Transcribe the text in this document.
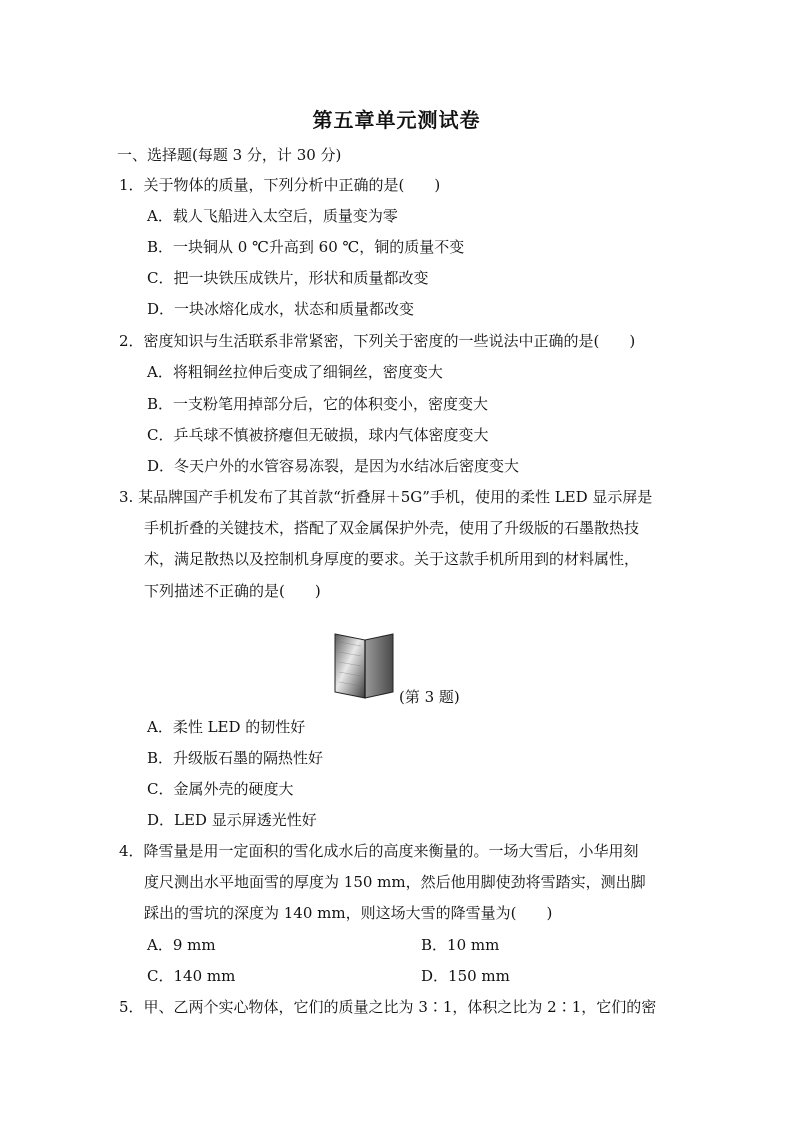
第五章单元测试卷
一、选择题(每题 3 分，计 30 分)
1．关于物体的质量，下列分析中正确的是(　　)
A．载人飞船进入太空后，质量变为零
B．一块铜从 0 ℃升高到 60 ℃，铜的质量不变
C．把一块铁压成铁片，形状和质量都改变
D．一块冰熔化成水，状态和质量都改变
2．密度知识与生活联系非常紧密，下列关于密度的一些说法中正确的是(　　)
A．将粗铜丝拉伸后变成了细铜丝，密度变大
B．一支粉笔用掉部分后，它的体积变小，密度变大
C．乒乓球不慎被挤瘪但无破损，球内气体密度变大
D．冬天户外的水管容易冻裂，是因为水结冰后密度变大
3. 某品牌国产手机发布了其首款“折叠屏＋5G”手机，使用的柔性 LED 显示屏是
手机折叠的关键技术，搭配了双金属保护外壳，使用了升级版的石墨散热技
术，满足散热以及控制机身厚度的要求。关于这款手机所用到的材料属性，
下列描述不正确的是(　　)
(第 3 题)
A．柔性 LED 的韧性好
B．升级版石墨的隔热性好
C．金属外壳的硬度大
D．LED 显示屏透光性好
4．降雪量是用一定面积的雪化成水后的高度来衡量的。一场大雪后，小华用刻
度尺测出水平地面雪的厚度为 150 mm，然后他用脚使劲将雪踏实，测出脚
踩出的雪坑的深度为 140 mm，则这场大雪的降雪量为(　　)
A．9 mm	B．10 mm
C．140 mm	D．150 mm
5．甲、乙两个实心物体，它们的质量之比为 3∶1，体积之比为 2∶1，它们的密
